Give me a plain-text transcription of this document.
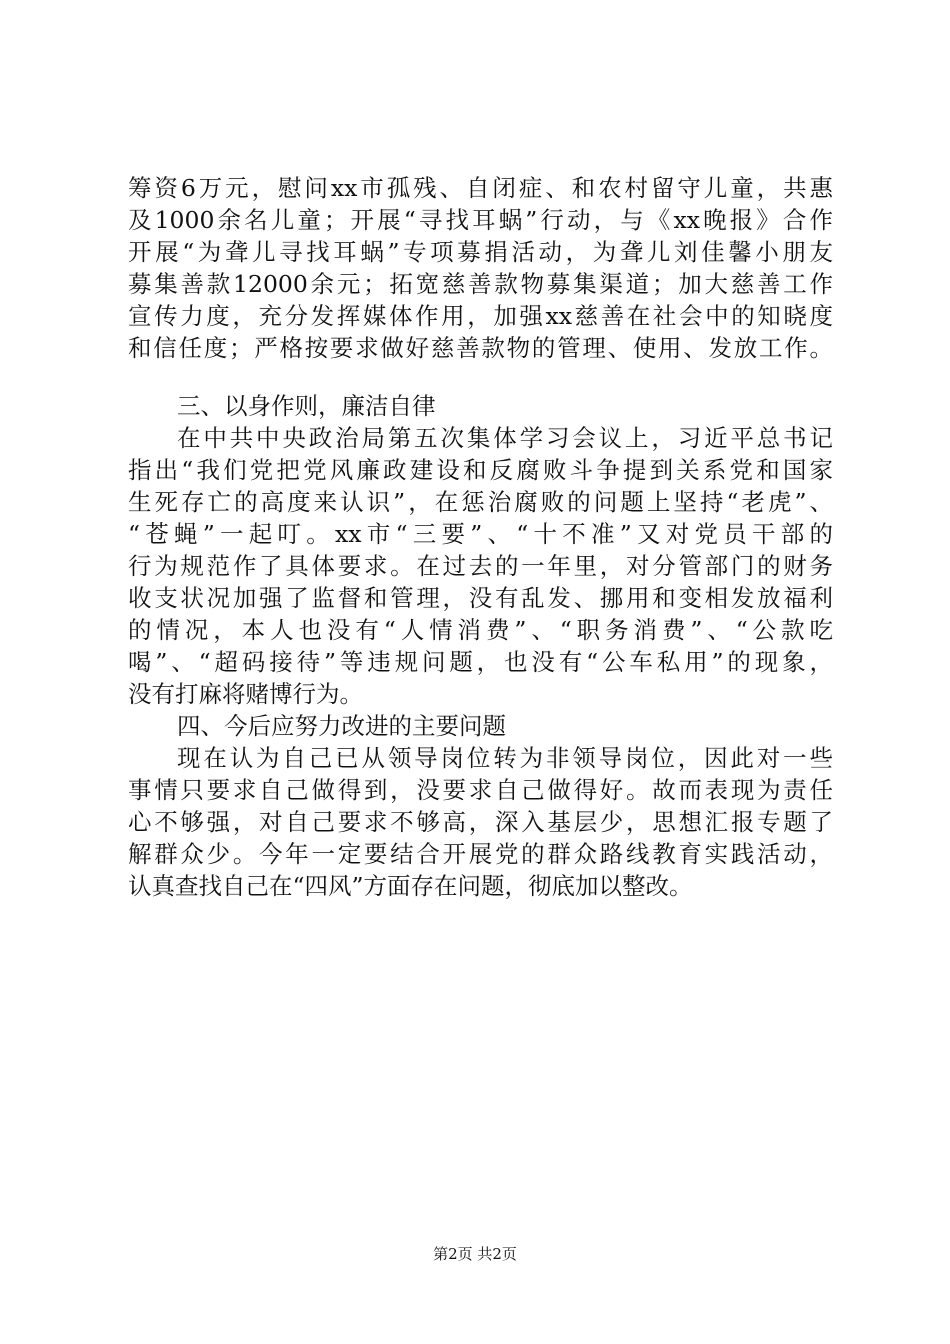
筹资6万元，慰问xx市孤残、自闭症、和农村留守儿童，共惠
及1000余名儿童；开展“寻找耳蜗”行动，与《xx晚报》合作
开展“为聋儿寻找耳蜗”专项募捐活动，为聋儿刘佳馨小朋友
募集善款12000余元；拓宽慈善款物募集渠道；加大慈善工作
宣传力度，充分发挥媒体作用，加强xx慈善在社会中的知晓度
和信任度；严格按要求做好慈善款物的管理、使用、发放工作。
三、以身作则，廉洁自律
在中共中央政治局第五次集体学习会议上，习近平总书记
指出“我们党把党风廉政建设和反腐败斗争提到关系党和国家
生死存亡的高度来认识”，在惩治腐败的问题上坚持“老虎”、
“苍蝇”一起叮。xx市“三要”、“十不准”又对党员干部的
行为规范作了具体要求。在过去的一年里，对分管部门的财务
收支状况加强了监督和管理，没有乱发、挪用和变相发放福利
的情况，本人也没有“人情消费”、“职务消费”、“公款吃
喝”、“超码接待”等违规问题，也没有“公车私用”的现象，
没有打麻将赌博行为。
四、今后应努力改进的主要问题
现在认为自己已从领导岗位转为非领导岗位，因此对一些
事情只要求自己做得到，没要求自己做得好。故而表现为责任
心不够强，对自己要求不够高，深入基层少，思想汇报专题了
解群众少。今年一定要结合开展党的群众路线教育实践活动，
认真查找自己在“四风”方面存在问题，彻底加以整改。
第2页 共2页
